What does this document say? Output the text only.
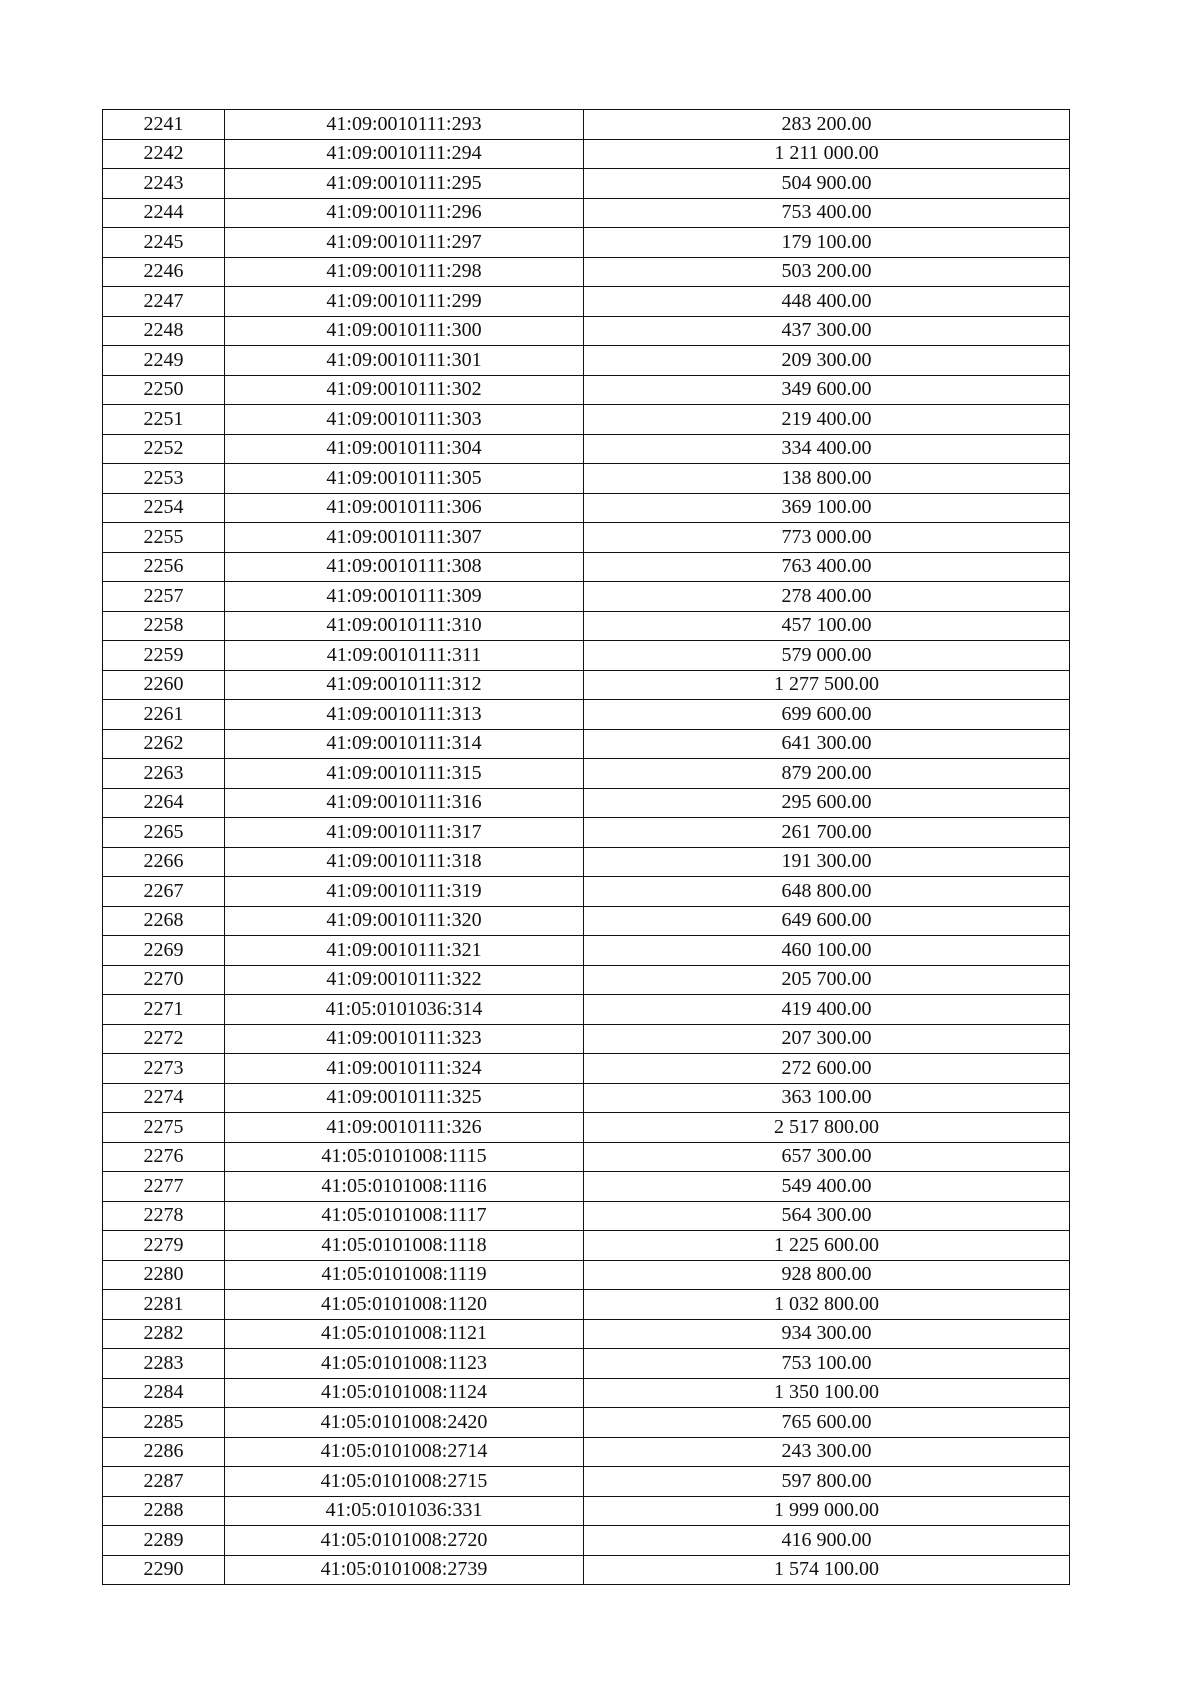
2241	41:09:0010111:293	283 200.00
2242	41:09:0010111:294	1 211 000.00
2243	41:09:0010111:295	504 900.00
2244	41:09:0010111:296	753 400.00
2245	41:09:0010111:297	179 100.00
2246	41:09:0010111:298	503 200.00
2247	41:09:0010111:299	448 400.00
2248	41:09:0010111:300	437 300.00
2249	41:09:0010111:301	209 300.00
2250	41:09:0010111:302	349 600.00
2251	41:09:0010111:303	219 400.00
2252	41:09:0010111:304	334 400.00
2253	41:09:0010111:305	138 800.00
2254	41:09:0010111:306	369 100.00
2255	41:09:0010111:307	773 000.00
2256	41:09:0010111:308	763 400.00
2257	41:09:0010111:309	278 400.00
2258	41:09:0010111:310	457 100.00
2259	41:09:0010111:311	579 000.00
2260	41:09:0010111:312	1 277 500.00
2261	41:09:0010111:313	699 600.00
2262	41:09:0010111:314	641 300.00
2263	41:09:0010111:315	879 200.00
2264	41:09:0010111:316	295 600.00
2265	41:09:0010111:317	261 700.00
2266	41:09:0010111:318	191 300.00
2267	41:09:0010111:319	648 800.00
2268	41:09:0010111:320	649 600.00
2269	41:09:0010111:321	460 100.00
2270	41:09:0010111:322	205 700.00
2271	41:05:0101036:314	419 400.00
2272	41:09:0010111:323	207 300.00
2273	41:09:0010111:324	272 600.00
2274	41:09:0010111:325	363 100.00
2275	41:09:0010111:326	2 517 800.00
2276	41:05:0101008:1115	657 300.00
2277	41:05:0101008:1116	549 400.00
2278	41:05:0101008:1117	564 300.00
2279	41:05:0101008:1118	1 225 600.00
2280	41:05:0101008:1119	928 800.00
2281	41:05:0101008:1120	1 032 800.00
2282	41:05:0101008:1121	934 300.00
2283	41:05:0101008:1123	753 100.00
2284	41:05:0101008:1124	1 350 100.00
2285	41:05:0101008:2420	765 600.00
2286	41:05:0101008:2714	243 300.00
2287	41:05:0101008:2715	597 800.00
2288	41:05:0101036:331	1 999 000.00
2289	41:05:0101008:2720	416 900.00
2290	41:05:0101008:2739	1 574 100.00
